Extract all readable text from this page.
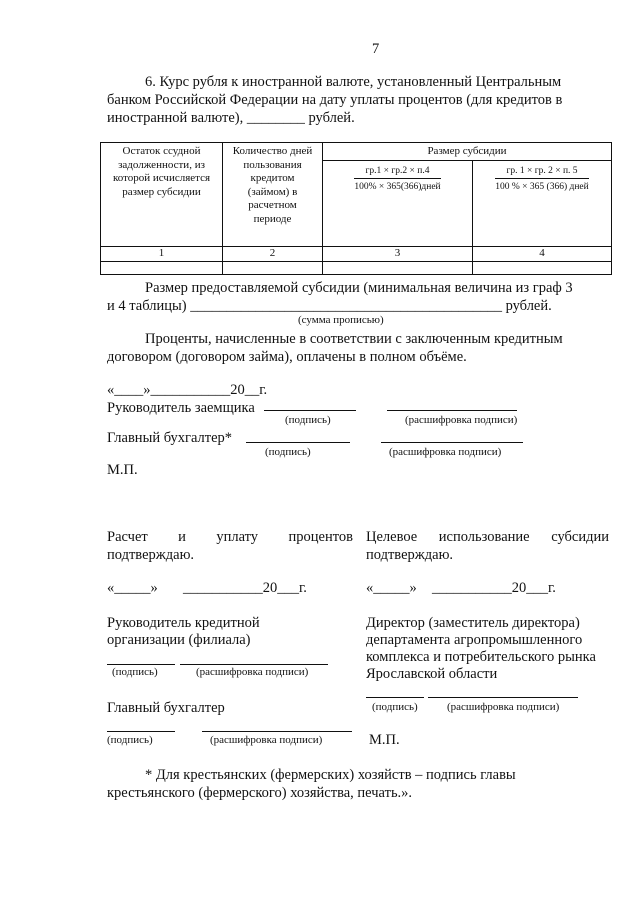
7
6. Курс рубля к иностранной валюте, установленный Центральным
банком Российской Федерации на дату уплаты процентов (для кредитов в
иностранной валюте), ________ рублей.
Остаток ссудной задолженности, из которой исчисляется размер субсидии	Количество дней пользования кредитом (займом) в расчетном периоде	Размер субсидии	

		$\frac{гр.1 \times гр.2 \times п.4}{\text{100\% × 365(366)дней}}$	$\frac{гр. 1 \times гр. 2 \times п. 5}{\text{100 \% × 365 (366) дней}}$

1	2	3	4

Размер предоставляемой субсидии (минимальная величина из граф 3
и 4 таблицы) ___________________________________________ рублей.
(сумма прописью)
Проценты, начисленные в соответствии с заключенным кредитным
договором (договором займа), оплачены в полном объёме.
«____»___________20__г.
Руководитель заемщика
(подпись)	(расшифровка подписи)
Главный бухгалтер*
(подпись)	(расшифровка подписи)
М.П.
Расчет и уплату процентов
подтверждаю.
«_____» ___________20___г.
Руководитель кредитной
организации (филиала)
(подпись)	(расшифровка подписи)
Главный бухгалтер
(подпись)	(расшифровка подписи)
Целевое использование субсидии
подтверждаю.
«_____» ___________20___г.
Директор (заместитель директора)
департамента агропромышленного
комплекса и потребительского рынка
Ярославской области
(подпись)	(расшифровка подписи)
М.П.
* Для крестьянских (фермерских) хозяйств – подпись главы
крестьянского (фермерского) хозяйства, печать.».
